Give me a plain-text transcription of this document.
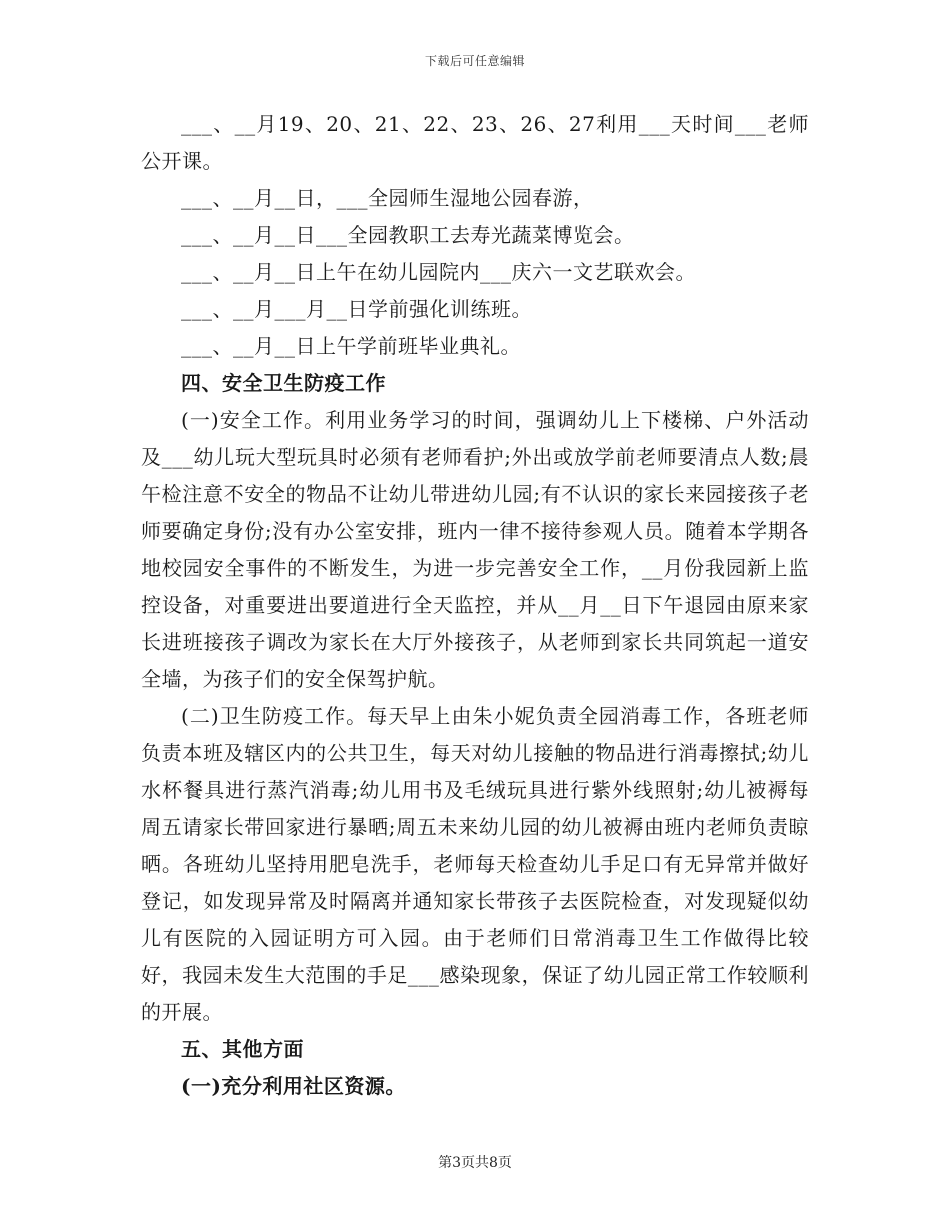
下载后可任意编辑

___、__月19、20、21、22、23、26、27利用___天时间___老师公开课。

___、__月__日，___全园师生湿地公园春游，

___、__月__日___全园教职工去寿光蔬菜博览会。

___、__月__日上午在幼儿园院内___庆六一文艺联欢会。

___、__月___月__日学前强化训练班。

___、__月__日上午学前班毕业典礼。

四、安全卫生防疫工作

(一)安全工作。利用业务学习的时间，强调幼儿上下楼梯、户外活动及___幼儿玩大型玩具时必须有老师看护;外出或放学前老师要清点人数;晨午检注意不安全的物品不让幼儿带进幼儿园;有不认识的家长来园接孩子老师要确定身份;没有办公室安排，班内一律不接待参观人员。随着本学期各地校园安全事件的不断发生，为进一步完善安全工作，__月份我园新上监控设备，对重要进出要道进行全天监控，并从__月__日下午退园由原来家长进班接孩子调改为家长在大厅外接孩子，从老师到家长共同筑起一道安全墙，为孩子们的安全保驾护航。

(二)卫生防疫工作。每天早上由朱小妮负责全园消毒工作，各班老师负责本班及辖区内的公共卫生，每天对幼儿接触的物品进行消毒擦拭;幼儿水杯餐具进行蒸汽消毒;幼儿用书及毛绒玩具进行紫外线照射;幼儿被褥每周五请家长带回家进行暴晒;周五未来幼儿园的幼儿被褥由班内老师负责晾晒。各班幼儿坚持用肥皂洗手，老师每天检查幼儿手足口有无异常并做好登记，如发现异常及时隔离并通知家长带孩子去医院检查，对发现疑似幼儿有医院的入园证明方可入园。由于老师们日常消毒卫生工作做得比较好，我园未发生大范围的手足___感染现象，保证了幼儿园正常工作较顺利的开展。

五、其他方面

(一)充分利用社区资源。

第3页共8页
